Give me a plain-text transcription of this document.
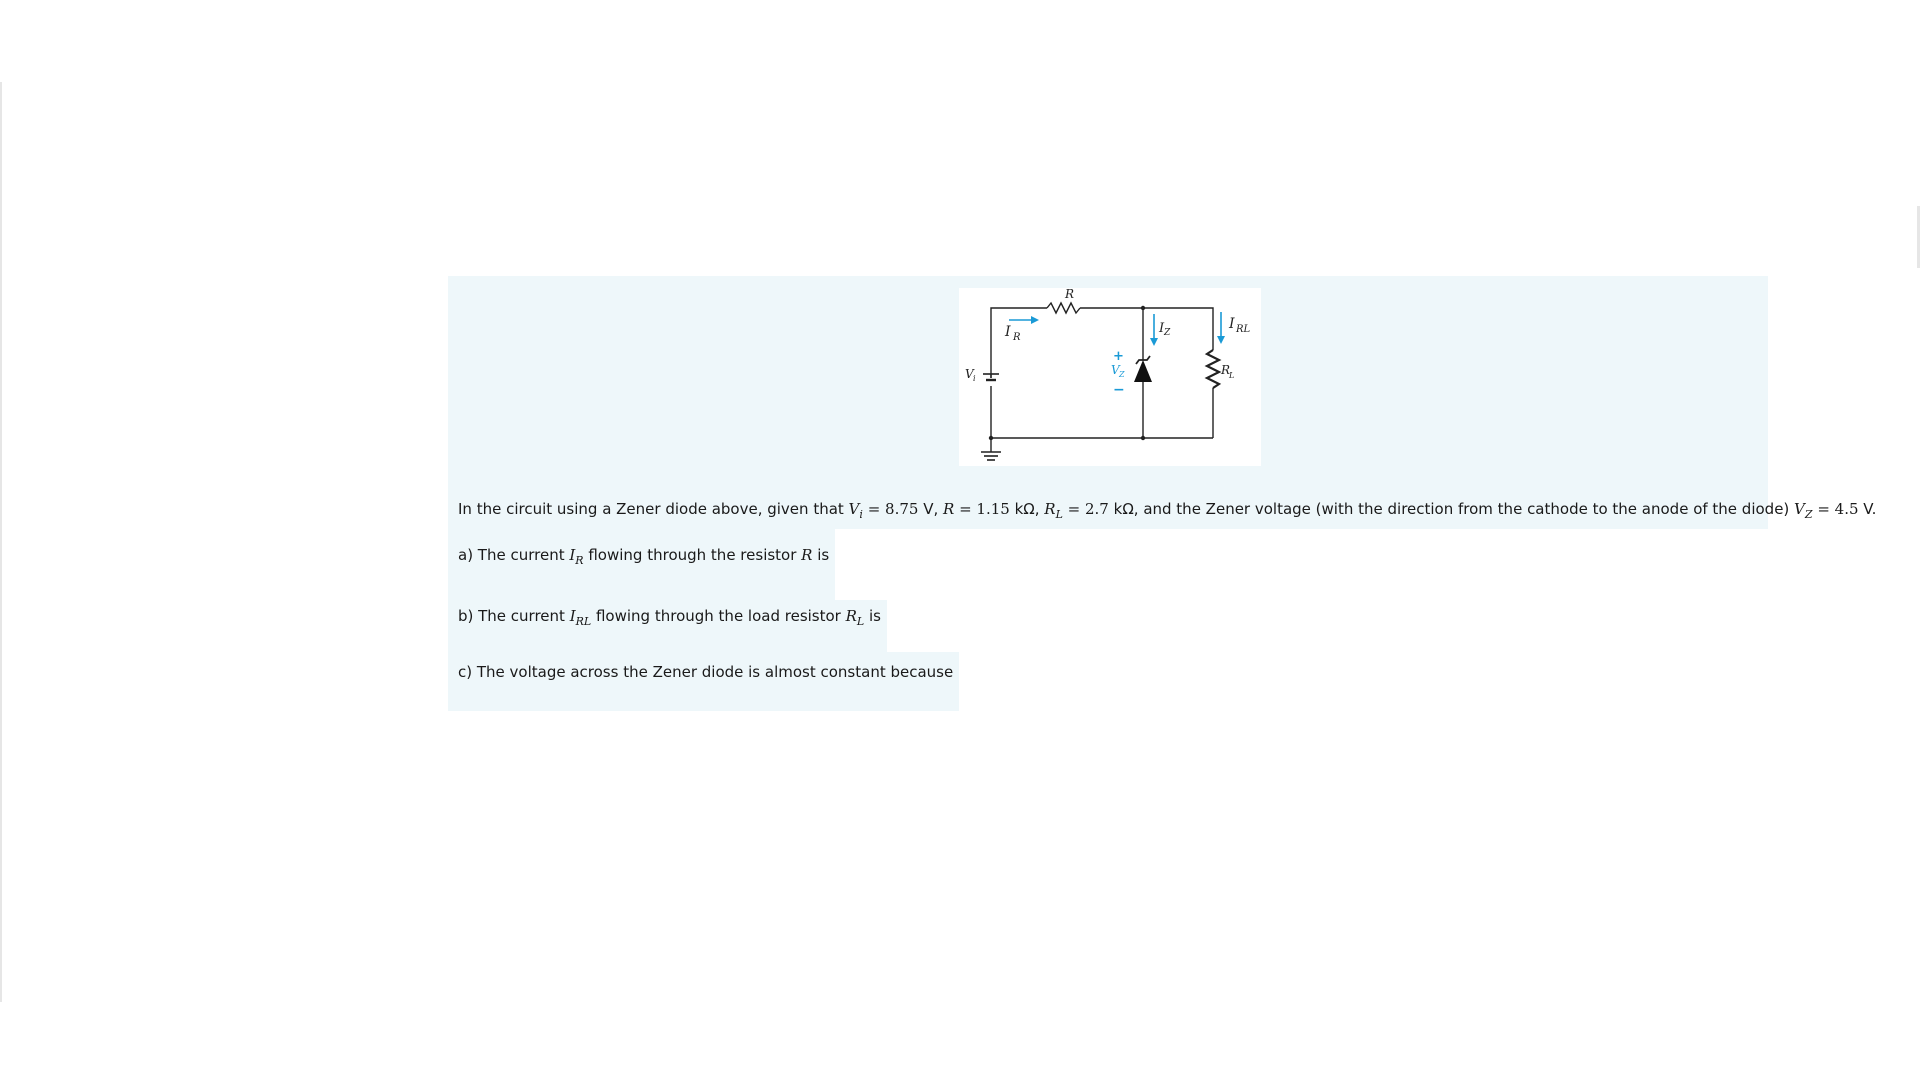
R
I R
V i
V Z
I Z
I RL
R
L
+
−
In the circuit using a Zener diode above, given that $V_i = 8.75$ V, R = 1.15 kΩ, $R_L = 2.7$ kΩ, and the Zener voltage (with the direction from the cathode to the anode of the diode) $V_Z = 4.5$ V.
a) The current $I_R$ flowing through the resistor R is
b) The current $I_{RL}$ flowing through the load resistor $R_L$ is
c) The voltage across the Zener diode is almost constant because
